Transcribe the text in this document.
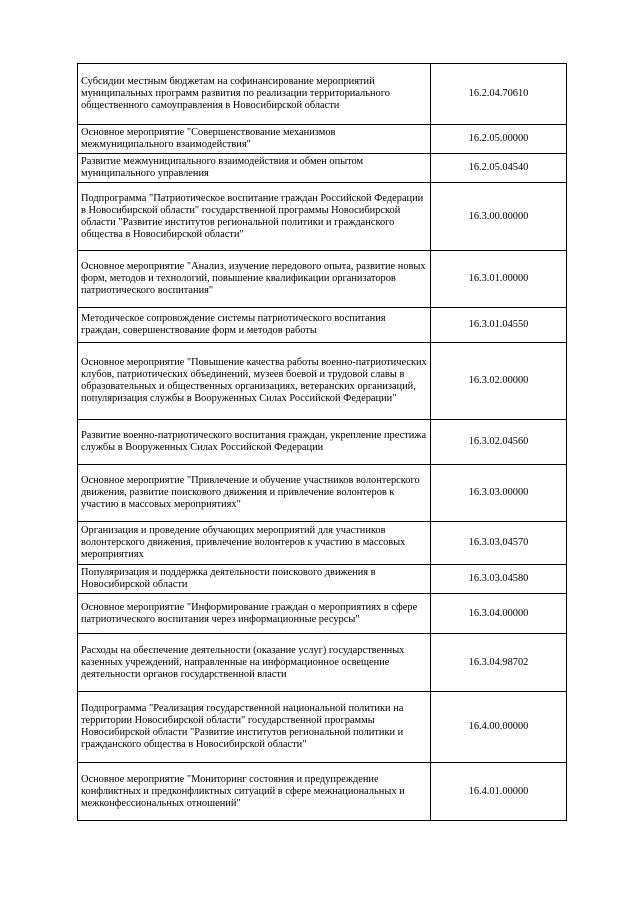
Субсидии местным бюджетам на софинансирование мероприятий муниципальных программ развития по реализации территориального общественного самоуправления в Новосибирской области	16.2.04.70610
Основное мероприятие "Совершенствование механизмов межмуниципального взаимодействия"	16.2.05.00000
Развитие межмуниципального взаимодействия и обмен опытом муниципального управления	16.2.05.04540
Подпрограмма "Патриотическое воспитание граждан Российской Федерации в Новосибирской области" государственной программы Новосибирской области "Развитие институтов региональной политики и гражданского общества в Новосибирской области"	16.3.00.00000
Основное мероприятие "Анализ, изучение передового опыта, развитие новых форм, методов и технологий, повышение квалификации организаторов патриотического воспитания"	16.3.01.00000
Методическое сопровождение системы патриотического воспитания граждан, совершенствование форм и методов работы	16.3.01.04550
Основное мероприятие "Повышение качества работы военно-патриотических клубов, патриотических объединений, музеев боевой и трудовой славы в образовательных и общественных организациях, ветеранских организаций, популяризация службы в Вооруженных Силах Российской Федерации"	16.3.02.00000
Развитие военно-патриотического воспитания граждан, укрепление престижа службы в Вооруженных Силах Российской Федерации	16.3.02.04560
Основное мероприятие "Привлечение и обучение участников волонтерского движения, развитие поискового движения и привлечение волонтеров к участию в массовых мероприятиях"	16.3.03.00000
Организация и проведение обучающих мероприятий для участников волонтерского движения, привлечение волонтеров к участию в массовых мероприятиях	16.3.03.04570
Популяризация и поддержка деятельности поискового движения в Новосибирской области	16.3.03.04580
Основное мероприятие "Информирование граждан о мероприятиях в сфере патриотического воспитания через информационные ресурсы"	16.3.04.00000
Расходы на обеспечение деятельности (оказание услуг) государственных казенных учреждений, направленные на информационное освещение деятельности органов государственной власти	16.3.04.98702
Подпрограмма "Реализация государственной национальной политики на территории Новосибирской области" государственной программы Новосибирской области "Развитие институтов региональной политики и гражданского общества в Новосибирской области"	16.4.00.00000
Основное мероприятие "Мониторинг состояния и предупреждение конфликтных и предконфликтных ситуаций в сфере межнациональных и межконфессиональных отношений"	16.4.01.00000
